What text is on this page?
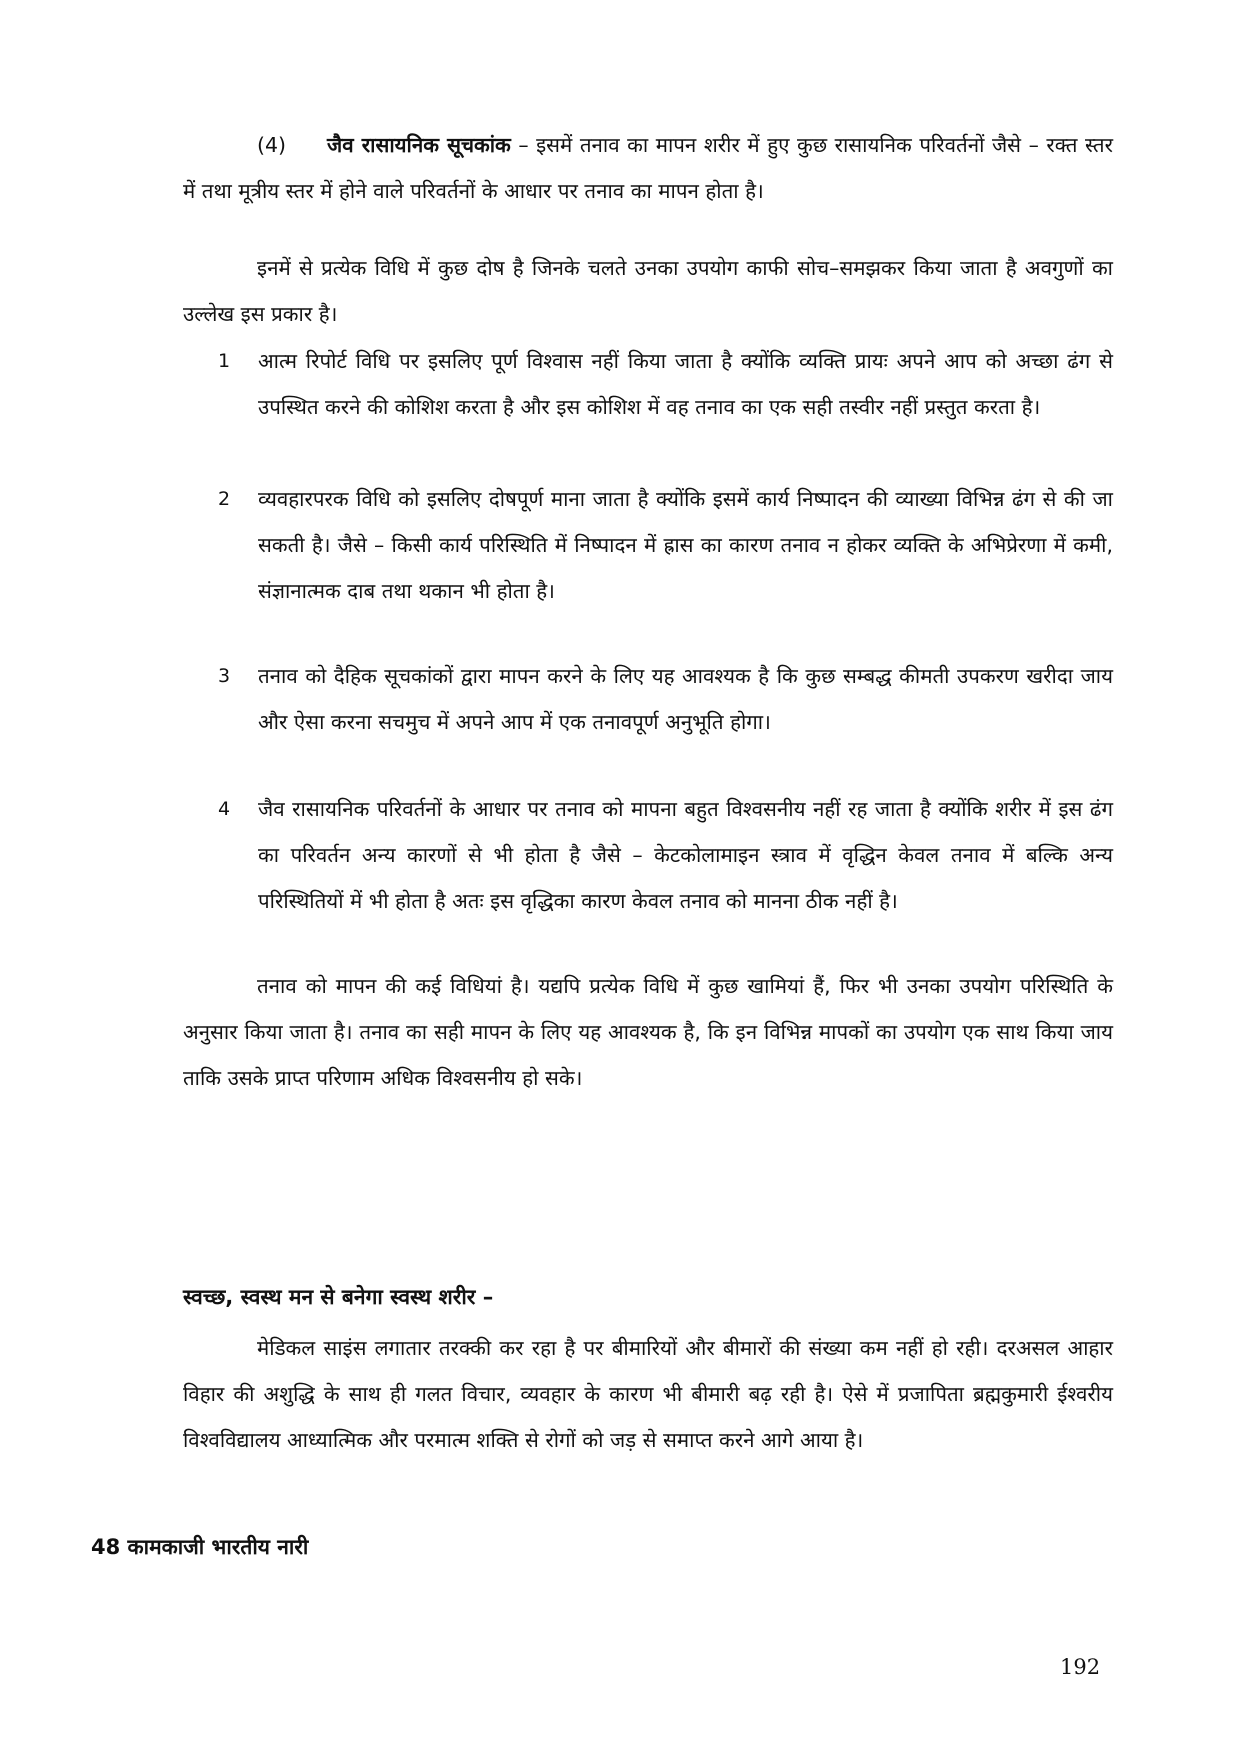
(4) जैव रासायनिक सूचकांक – इसमें तनाव का मापन शरीर में हुए कुछ रासायनिक परिवर्तनों जैसे – रक्त स्तर में तथा मूत्रीय स्तर में होने वाले परिवर्तनों के आधार पर तनाव का मापन होता है।

इनमें से प्रत्येक विधि में कुछ दोष है जिनके चलते उनका उपयोग काफी सोच–समझकर किया जाता है अवगुणों का उल्लेख इस प्रकार है।

1	आत्म रिपोर्ट विधि पर इसलिए पूर्ण विश्वास नहीं किया जाता है क्योंकि व्यक्ति प्रायः अपने आप को अच्छा ढंग से उपस्थित करने की कोशिश करता है और इस कोशिश में वह तनाव का एक सही तस्वीर नहीं प्रस्तुत करता है।
2	व्यवहारपरक विधि को इसलिए दोषपूर्ण माना जाता है क्योंकि इसमें कार्य निष्पादन की व्याख्या विभिन्न ढंग से की जा सकती है। जैसे – किसी कार्य परिस्थिति में निष्पादन में ह्रास का कारण तनाव न होकर व्यक्ति के अभिप्रेरणा में कमी, संज्ञानात्मक दाब तथा थकान भी होता है।
3	तनाव को दैहिक सूचकांकों द्वारा मापन करने के लिए यह आवश्यक है कि कुछ सम्बद्ध कीमती उपकरण खरीदा जाय और ऐसा करना सचमुच में अपने आप में एक तनावपूर्ण अनुभूति होगा।
4	जैव रासायनिक परिवर्तनों के आधार पर तनाव को मापना बहुत विश्वसनीय नहीं रह जाता है क्योंकि शरीर में इस ढंग का परिवर्तन अन्य कारणों से भी होता है जैसे – केटकोलामाइन स्त्राव में वृद्धिन केवल तनाव में बल्कि अन्य परिस्थितियों में भी होता है अतः इस वृद्धिका कारण केवल तनाव को मानना ठीक नहीं है।

तनाव को मापन की कई विधियां है। यद्यपि प्रत्येक विधि में कुछ खामियां हैं, फिर भी उनका उपयोग परिस्थिति के अनुसार किया जाता है। तनाव का सही मापन के लिए यह आवश्यक है, कि इन विभिन्न मापकों का उपयोग एक साथ किया जाय ताकि उसके प्राप्त परिणाम अधिक विश्वसनीय हो सके।

स्वच्छ, स्वस्थ मन से बनेगा स्वस्थ शरीर –

मेडिकल साइंस लगातार तरक्की कर रहा है पर बीमारियों और बीमारों की संख्या कम नहीं हो रही। दरअसल आहार विहार की अशुद्धि के साथ ही गलत विचार, व्यवहार के कारण भी बीमारी बढ़ रही है। ऐसे में प्रजापिता ब्रह्मकुमारी ईश्वरीय विश्वविद्यालय आध्यात्मिक और परमात्म शक्ति से रोगों को जड़ से समाप्त करने आगे आया है।

48 कामकाजी भारतीय नारी
192
